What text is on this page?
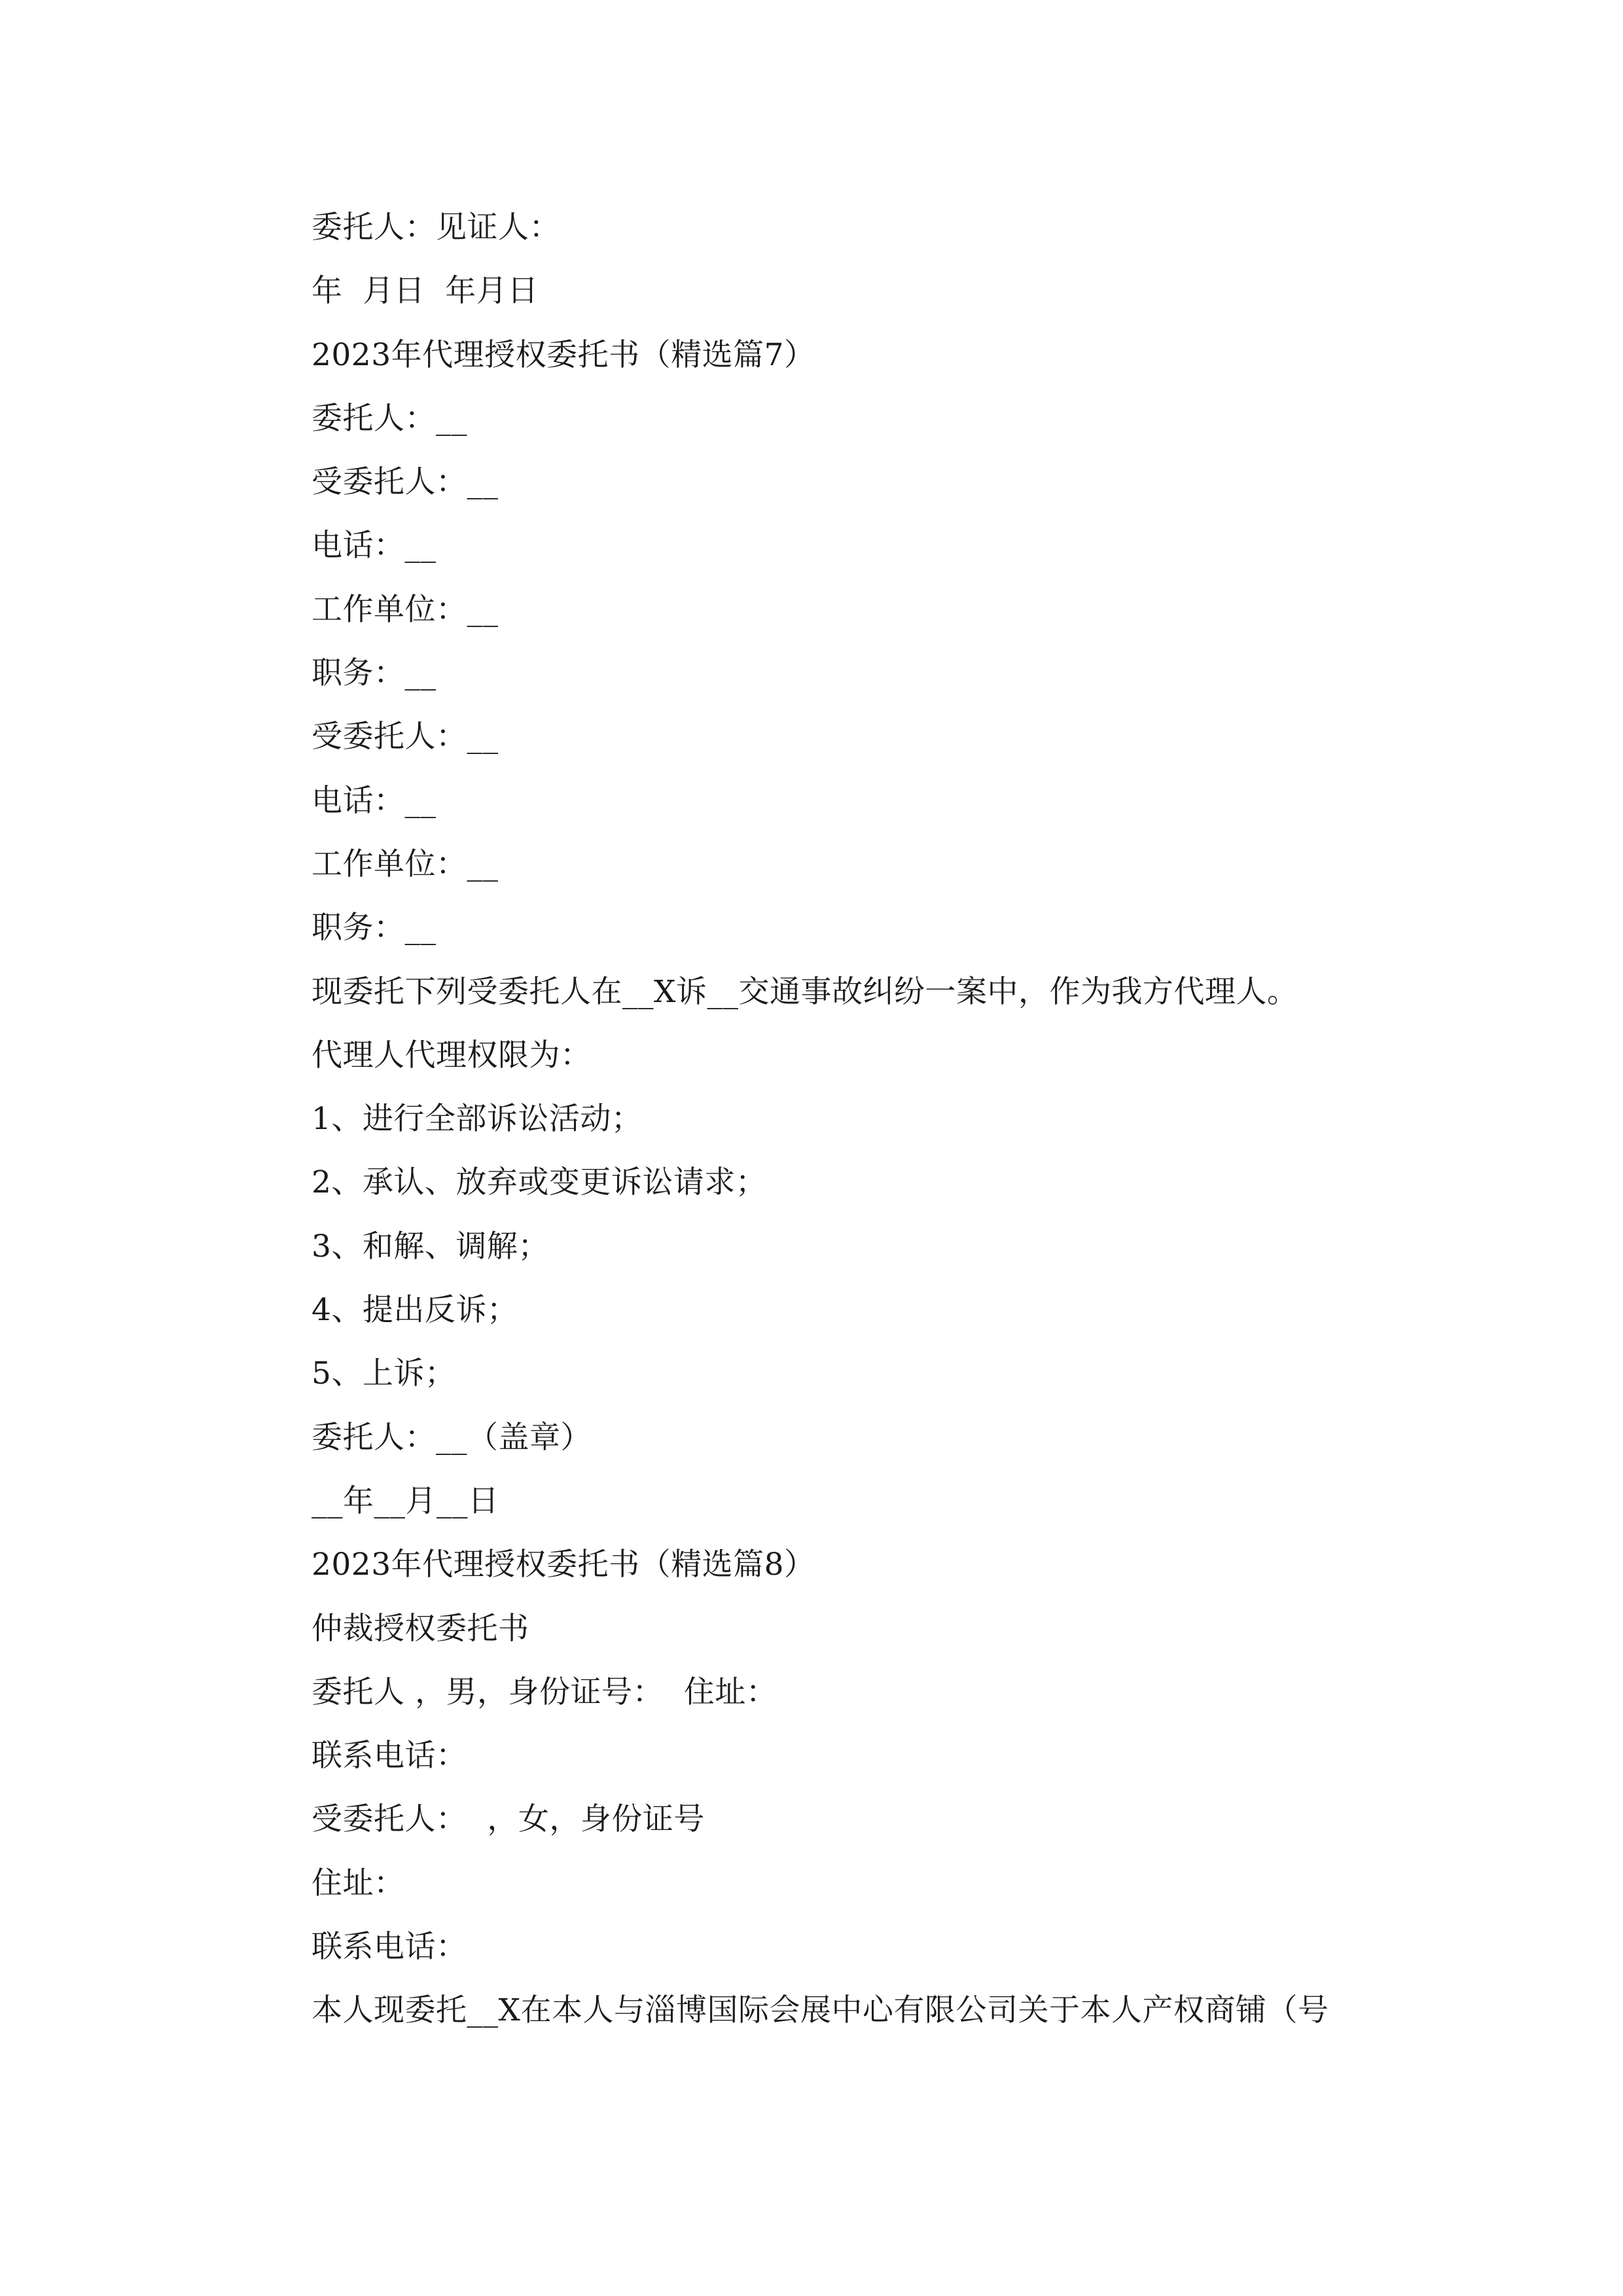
委托人：见证人：
年  月日  年月日
2023年代理授权委托书（精选篇7）
委托人：__
受委托人：__
电话：__
工作单位：__
职务：__
受委托人：__
电话：__
工作单位：__
职务：__
现委托下列受委托人在__X诉__交通事故纠纷一案中，作为我方代理人。
代理人代理权限为：
1、进行全部诉讼活动；
2、承认、放弃或变更诉讼请求；
3、和解、调解；
4、提出反诉；
5、上诉；
委托人：__（盖章）
__年__月__日
2023年代理授权委托书（精选篇8）
仲裁授权委托书
委托人 ，男，身份证号：  住址：
联系电话：
受委托人：  ，女，身份证号
住址：
联系电话：
本人现委托__X在本人与淄博国际会展中心有限公司关于本人产权商铺（号
